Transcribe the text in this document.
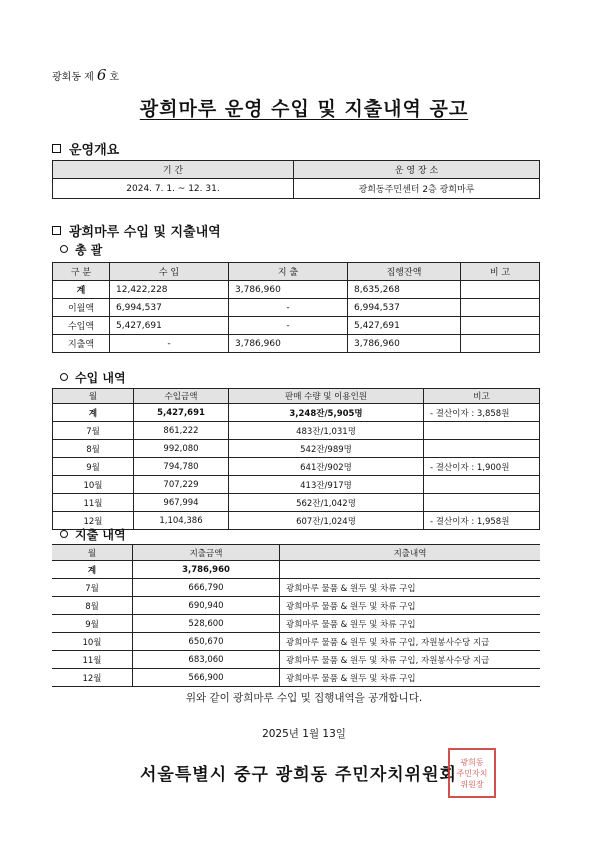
광회동 제 6 호
광희마루 운영 수입 및 지출내역 공고
운영개요
기 간	운 영 장 소
2024. 7. 1. ~ 12. 31.	광희동주민센터 2층 광희마루
광희마루 수입 및 지출내역
총 괄
구 분	수 입	지 출	집행잔액	비 고
계	12,422,228	3,786,960	8,635,268	
이월액	6,994,537	-	6,994,537	
수입액	5,427,691	-	5,427,691	
지출액	-	3,786,960	3,786,960	
수입 내역
월	수입금액	판매 수량 및 이용인원	비고
계	5,427,691	3,248잔/5,905명	- 결산이자 : 3,858원
7월	861,222	483잔/1,031명	
8월	992,080	542잔/989명	
9월	794,780	641잔/902명	- 결산이자 : 1,900원
10월	707,229	413잔/917명	
11월	967,994	562잔/1,042명	
12월	1,104,386	607잔/1,024명	- 결산이자 : 1,958원
지출 내역
월	지출금액	지출내역
계	3,786,960	
7월	666,790	광희마루 물품 & 원두 및 차류 구입
8월	690,940	광희마루 물품 & 원두 및 차류 구입
9월	528,600	광희마루 물품 & 원두 및 차류 구입
10월	650,670	광희마루 물품 & 원두 및 차류 구입, 자원봉사수당 지급
11월	683,060	광희마루 물품 & 원두 및 차류 구입, 자원봉사수당 지급
12월	566,900	광희마루 물품 & 원두 및 차류 구입
위와 같이 광희마루 수입 및 집행내역을 공개합니다.
2025년 1월 13일
서울특별시 중구 광희동 주민자치위원회
광희동
주민자치
위원장
